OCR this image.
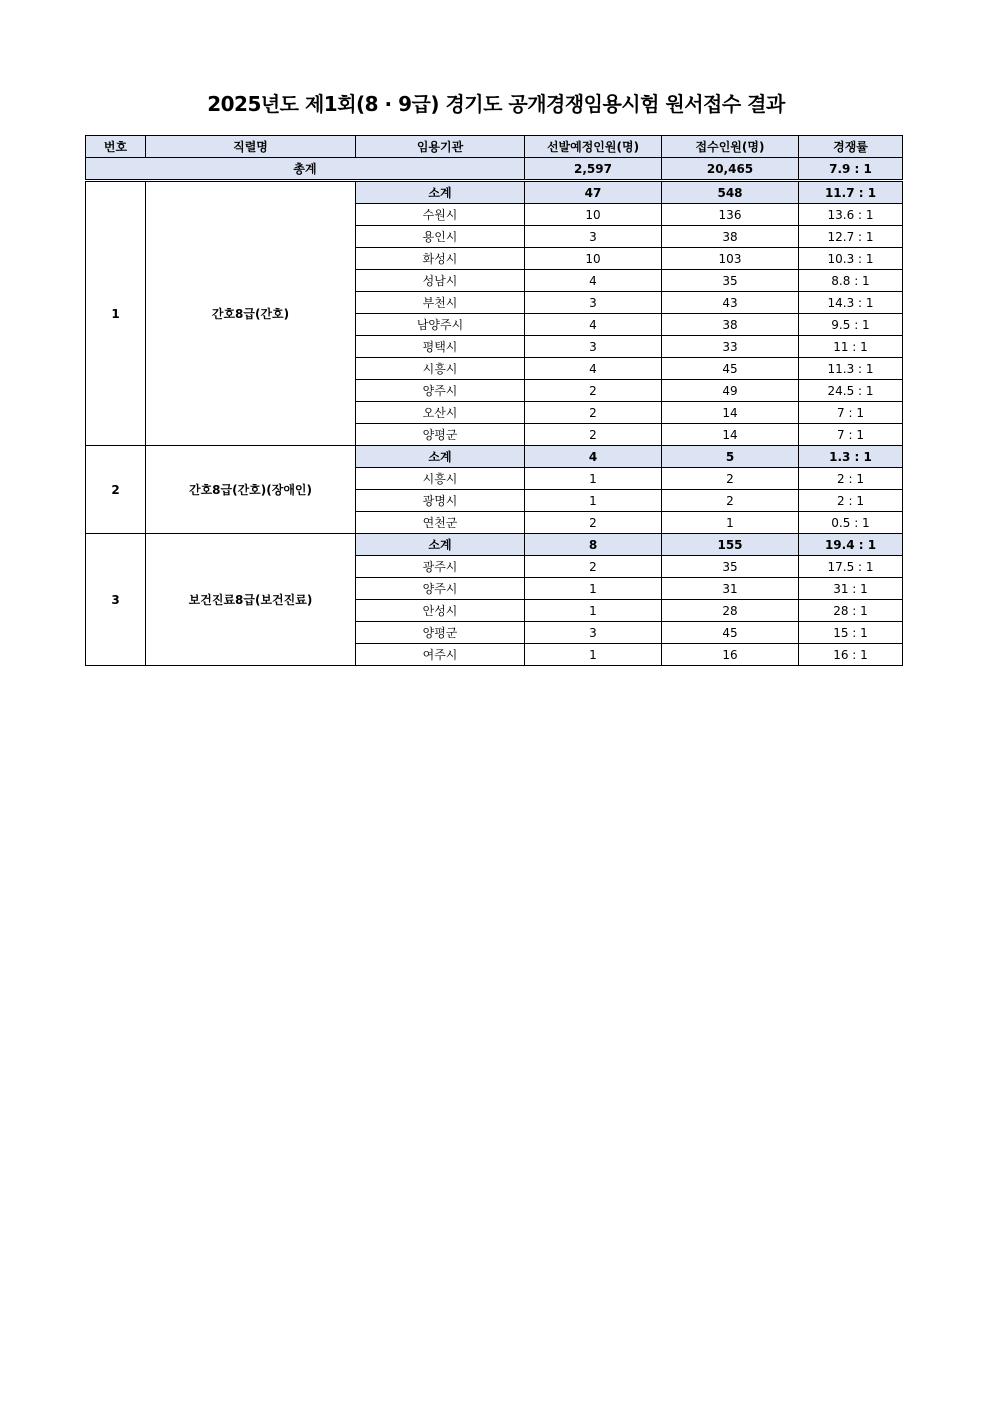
2025년도 제1회(8 · 9급) 경기도 공개경쟁임용시험 원서접수 결과
번호	직렬명	임용기관	선발예정인원(명)	접수인원(명)	경쟁률
총계			2,597	20,465	7.9 : 1
1	간호8급(간호)	소계	47	548	11.7 : 1
		수원시	10	136	13.6 : 1
		용인시	3	38	12.7 : 1
		화성시	10	103	10.3 : 1
		성남시	4	35	8.8 : 1
		부천시	3	43	14.3 : 1
		남양주시	4	38	9.5 : 1
		평택시	3	33	11 : 1
		시흥시	4	45	11.3 : 1
		양주시	2	49	24.5 : 1
		오산시	2	14	7 : 1
		양평군	2	14	7 : 1
2	간호8급(간호)(장애인)	소계	4	5	1.3 : 1
		시흥시	1	2	2 : 1
		광명시	1	2	2 : 1
		연천군	2	1	0.5 : 1
3	보건진료8급(보건진료)	소계	8	155	19.4 : 1
		광주시	2	35	17.5 : 1
		양주시	1	31	31 : 1
		안성시	1	28	28 : 1
		양평군	3	45	15 : 1
		여주시	1	16	16 : 1
